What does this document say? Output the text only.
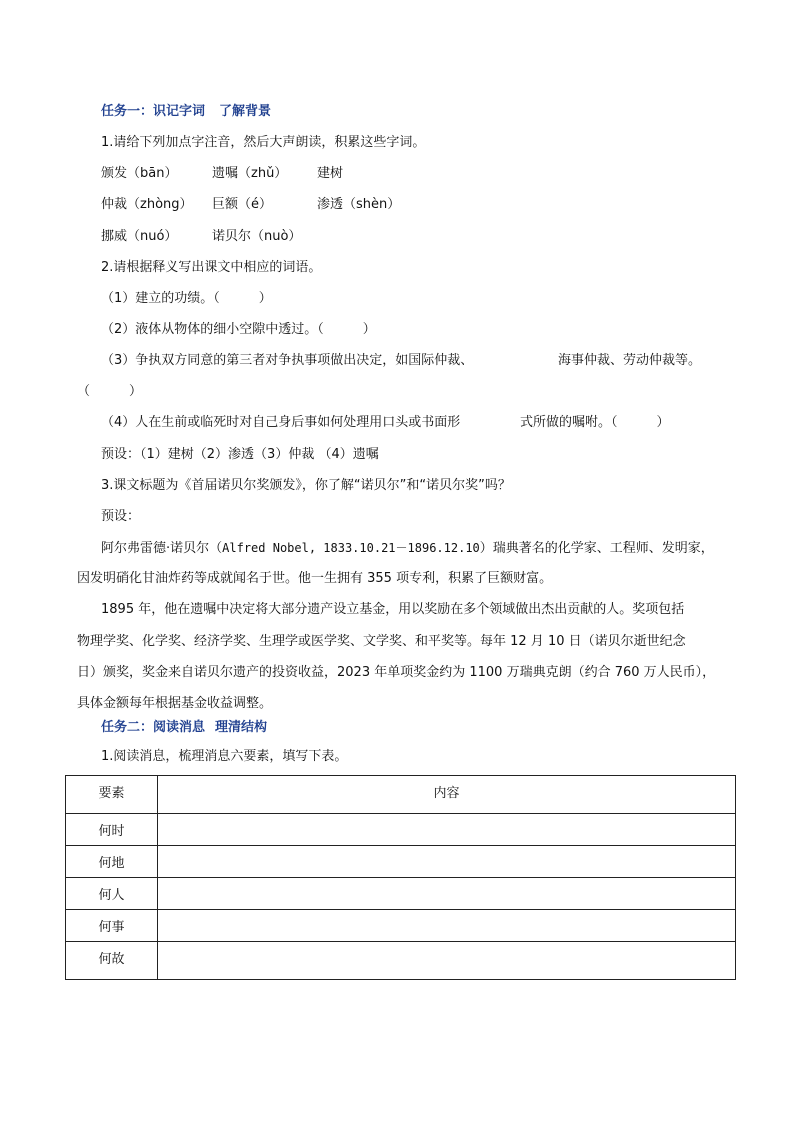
任务一：识记字词 了解背景
1.请给下列加点字注音，然后大声朗读，积累这些字词。
颁发（bān）	遗嘱（zhǔ） 建树
仲裁（zhòng） 巨额（é）	渗透（shèn）
挪威（nuó）	诺贝尔（nuò）
2.请根据释义写出课文中相应的词语。
（1）建立的功绩。（　　　）
（2）液体从物体的细小空隙中透过。（　　　）
（3）争执双方同意的第三者对争执事项做出决定，如国际仲裁、	海事仲裁、劳动仲裁等。
（　　　）
（4）人在生前或临死时对自己身后事如何处理用口头或书面形	式所做的嘱咐。（　　　）
预设：（1）建树（2）渗透（3）仲裁 （4）遗嘱
3.课文标题为《首届诺贝尔奖颁发》，你了解“诺贝尔”和“诺贝尔奖”吗？
预设：
阿尔弗雷德·诺贝尔（Alfred Nobel, 1833.10.21－1896.12.10）瑞典著名的化学家、工程师、发明家，
因发明硝化甘油炸药等成就闻名于世。他一生拥有 355 项专利，积累了巨额财富。
1895 年，他在遗嘱中决定将大部分遗产设立基金，用以奖励在多个领域做出杰出贡献的人。奖项包括
物理学奖、化学奖、经济学奖、生理学或医学奖、文学奖、和平奖等。每年 12 月 10 日（诺贝尔逝世纪念
日）颁奖，奖金来自诺贝尔遗产的投资收益，2023 年单项奖金约为 1100 万瑞典克朗（约合 760 万人民币），
具体金额每年根据基金收益调整。
任务二：阅读消息 理清结构
1.阅读消息，梳理消息六要素，填写下表。
要素	内容
何时	
何地	
何人	
何事	
何故	
